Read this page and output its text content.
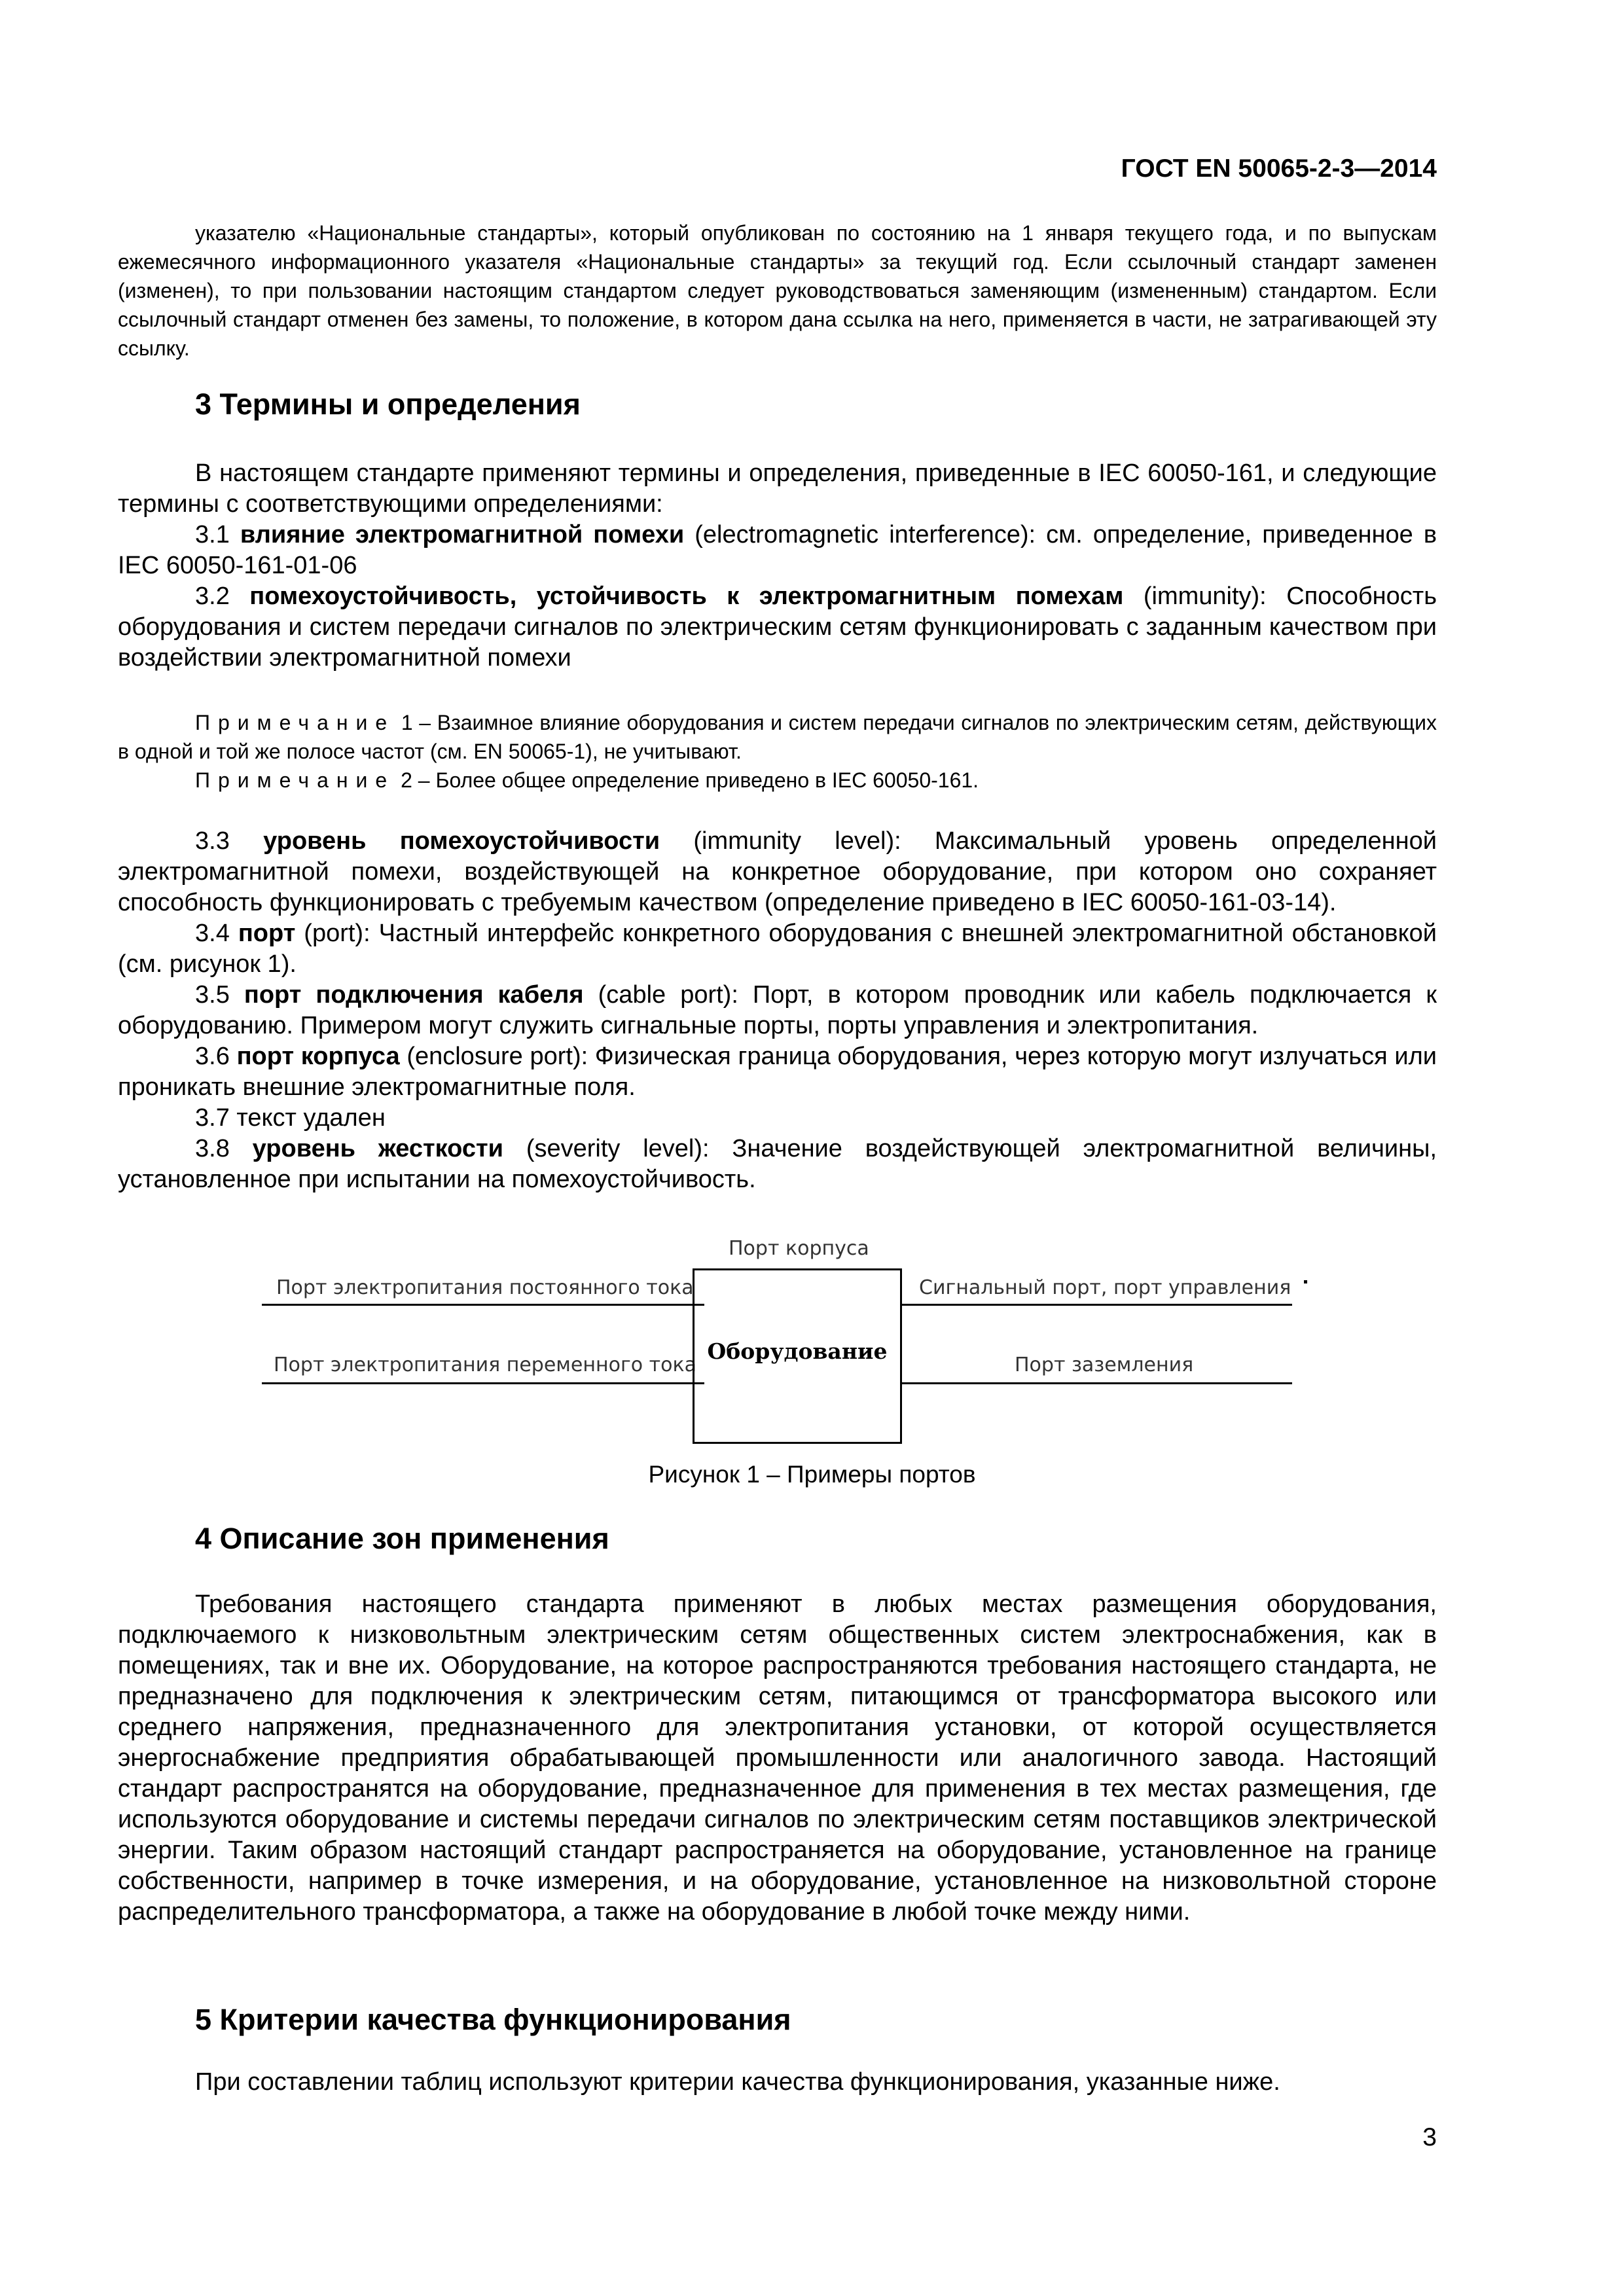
ГОСТ EN 50065-2-3—2014

указателю «Национальные стандарты», который опубликован по состоянию на 1 января текущего года, и по выпускам ежемесячного информационного указателя «Национальные стандарты» за текущий год. Если ссылочный стандарт заменен (изменен), то при пользовании настоящим стандартом следует руководствоваться заменяющим (измененным) стандартом. Если ссылочный стандарт отменен без замены, то положение, в котором дана ссылка на него, применяется в части, не затрагивающей эту ссылку.

3 Термины и определения

В настоящем стандарте применяют термины и определения, приведенные в IEC 60050-161, и следующие термины с соответствующими определениями:

3.1 влияние электромагнитной помехи (electromagnetic interference): см. определение, приведенное в IEC 60050-161-01-06

3.2 помехоустойчивость, устойчивость к электромагнитным помехам (immunity): Способность оборудования и систем передачи сигналов по электрическим сетям функционировать с заданным качеством при воздействии электромагнитной помехи

Примечание 1 – Взаимное влияние оборудования и систем передачи сигналов по электрическим сетям, действующих в одной и той же полосе частот (см. EN 50065-1), не учитывают.

Примечание 2 – Более общее определение приведено в IEC 60050-161.

3.3 уровень помехоустойчивости (immunity level): Максимальный уровень определенной электромагнитной помехи, воздействующей на конкретное оборудование, при котором оно сохраняет способность функционировать с требуемым качеством (определение приведено в IEC 60050-161-03-14).

3.4 порт (port): Частный интерфейс конкретного оборудования с внешней электромагнитной обстановкой (см. рисунок 1).

3.5 порт подключения кабеля (cable port): Порт, в котором проводник или кабель подключается к оборудованию. Примером могут служить сигнальные порты, порты управления и электропитания.

3.6 порт корпуса (enclosure port): Физическая граница оборудования, через которую могут излучаться или проникать внешние электромагнитные поля.

3.7 текст удален

3.8 уровень жесткости (severity level): Значение воздействующей электромагнитной величины, установленное при испытании на помехоустойчивость.

Порт корпуса
Порт электропитания постоянного тока
Порт электропитания переменного тока
Сигнальный порт, порт управления
Порт заземления
Оборудование
Рисунок 1 – Примеры портов
4 Описание зон применения

Требования настоящего стандарта применяют в любых местах размещения оборудования, подключаемого к низковольтным электрическим сетям общественных систем электроснабжения, как в помещениях, так и вне их. Оборудование, на которое распространяются требования настоящего стандарта, не предназначено для подключения к электрическим сетям, питающимся от трансформатора высокого или среднего напряжения, предназначенного для электропитания установки, от которой осуществляется энергоснабжение предприятия обрабатывающей промышленности или аналогичного завода. Настоящий стандарт распространятся на оборудование, предназначенное для применения в тех местах размещения, где используются оборудование и системы передачи сигналов по электрическим сетям поставщиков электрической энергии. Таким образом настоящий стандарт распространяется на оборудование, установленное на границе собственности, например в точке измерения, и на оборудование, установленное на низковольтной стороне распределительного трансформатора, а также на оборудование в любой точке между ними.

5 Критерии качества функционирования

При составлении таблиц используют критерии качества функционирования, указанные ниже.

3
